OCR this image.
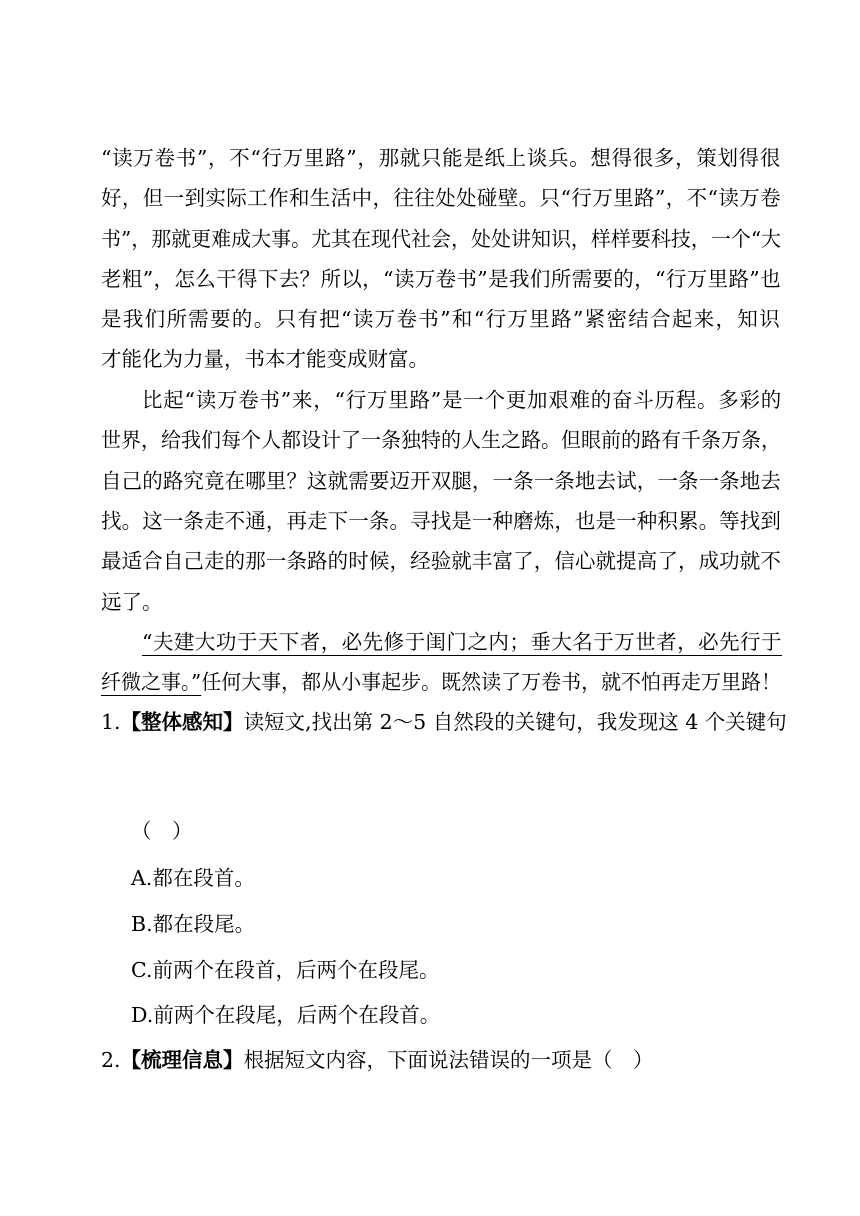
“读万卷书”，不“行万里路”，那就只能是纸上谈兵。想得很多，策划得很
好，但一到实际工作和生活中，往往处处碰壁。只“行万里路”，不“读万卷
书”，那就更难成大事。尤其在现代社会，处处讲知识，样样要科技，一个“大
老粗”，怎么干得下去？所以，“读万卷书”是我们所需要的，“行万里路”也
是我们所需要的。只有把“读万卷书”和“行万里路”紧密结合起来，知识
才能化为力量，书本才能变成财富。
比起“读万卷书”来，“行万里路”是一个更加艰难的奋斗历程。多彩的
世界，给我们每个人都设计了一条独特的人生之路。但眼前的路有千条万条，
自己的路究竟在哪里？这就需要迈开双腿，一条一条地去试，一条一条地去
找。这一条走不通，再走下一条。寻找是一种磨炼，也是一种积累。等找到
最适合自己走的那一条路的时候，经验就丰富了，信心就提高了，成功就不
远了。
“夫建大功于天下者，必先修于闺门之内；垂大名于万世者，必先行于
纤微之事。”任何大事，都从小事起步。既然读了万卷书，就不怕再走万里路！
1.【整体感知】读短文,找出第 2～5 自然段的关键句，我发现这 4 个关键句
（　）
A.都在段首。
B.都在段尾。
C.前两个在段首，后两个在段尾。
D.前两个在段尾，后两个在段首。
2.【梳理信息】根据短文内容，下面说法错误的一项是（　）
